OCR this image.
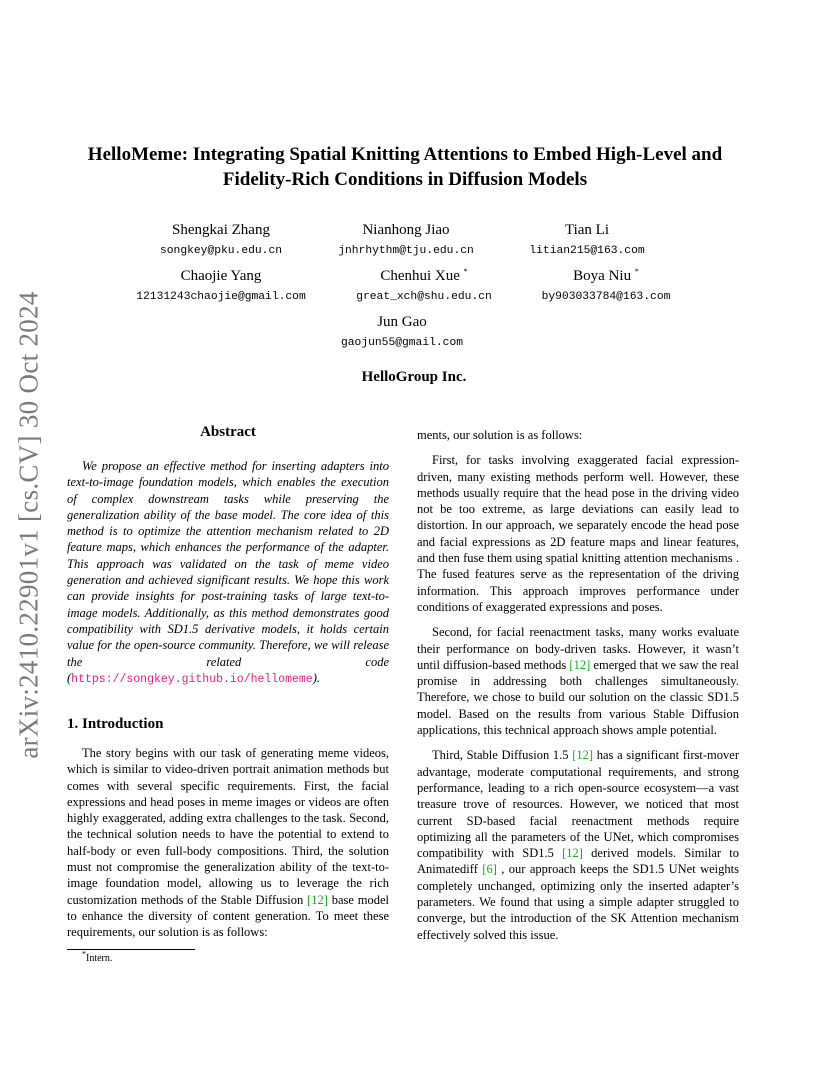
arXiv:2410.22901v1 [cs.CV] 30 Oct 2024
HelloMeme: Integrating Spatial Knitting Attentions to Embed High-Level and
Fidelity-Rich Conditions in Diffusion Models
Shengkai Zhang
songkey@pku.edu.cn
Nianhong Jiao
jnhrhythm@tju.edu.cn
Tian Li
litian215@163.com
Chaojie Yang
12131243chaojie@gmail.com
Chenhui Xue *
great_xch@shu.edu.cn
Boya Niu *
by903033784@163.com
Jun Gao
gaojun55@gmail.com
HelloGroup Inc.
Abstract

We propose an effective method for inserting adapters into text-to-image foundation models, which enables the execution of complex downstream tasks while preserving the generalization ability of the base model. The core idea of this method is to optimize the attention mechanism related to 2D feature maps, which enhances the performance of the adapter. This approach was validated on the task of meme video generation and achieved significant results. We hope this work can provide insights for post-training tasks of large text-to-image models. Additionally, as this method demonstrates good compatibility with SD1.5 derivative models, it holds certain value for the open-source community. Therefore, we will release the related code (https://songkey.github.io/hellomeme).

1. Introduction

The story begins with our task of generating meme videos, which is similar to video-driven portrait animation methods but comes with several specific requirements. First, the facial expressions and head poses in meme images or videos are often highly exaggerated, adding extra challenges to the task. Second, the technical solution needs to have the potential to extend to half-body or even full-body compositions. Third, the solution must not compromise the generalization ability of the text-to-image foundation model, allowing us to leverage the rich customization methods of the Stable Diffusion [12] base model to enhance the diversity of content generation. To meet these requirements, our solution is as follows:

ments, our solution is as follows:

First, for tasks involving exaggerated facial expression-driven, many existing methods perform well. However, these methods usually require that the head pose in the driving video not be too extreme, as large deviations can easily lead to distortion. In our approach, we separately encode the head pose and facial expressions as 2D feature maps and linear features, and then fuse them using spatial knitting attention mechanisms . The fused features serve as the representation of the driving information. This approach improves performance under conditions of exaggerated expressions and poses.

Second, for facial reenactment tasks, many works evaluate their performance on body-driven tasks. However, it wasn’t until diffusion-based methods [12] emerged that we saw the real promise in addressing both challenges simultaneously. Therefore, we chose to build our solution on the classic SD1.5 model. Based on the results from various Stable Diffusion applications, this technical approach shows ample potential.

Third, Stable Diffusion 1.5 [12] has a significant first-mover advantage, moderate computational requirements, and strong performance, leading to a rich open-source ecosystem—a vast treasure trove of resources. However, we noticed that most current SD-based facial reenactment methods require optimizing all the parameters of the UNet, which compromises compatibility with SD1.5 [12] derived models. Similar to Animatediff [6] , our approach keeps the SD1.5 UNet weights completely unchanged, optimizing only the inserted adapter’s parameters. We found that using a simple adapter struggled to converge, but the introduction of the SK Attention mechanism effectively solved this issue.

*Intern.
